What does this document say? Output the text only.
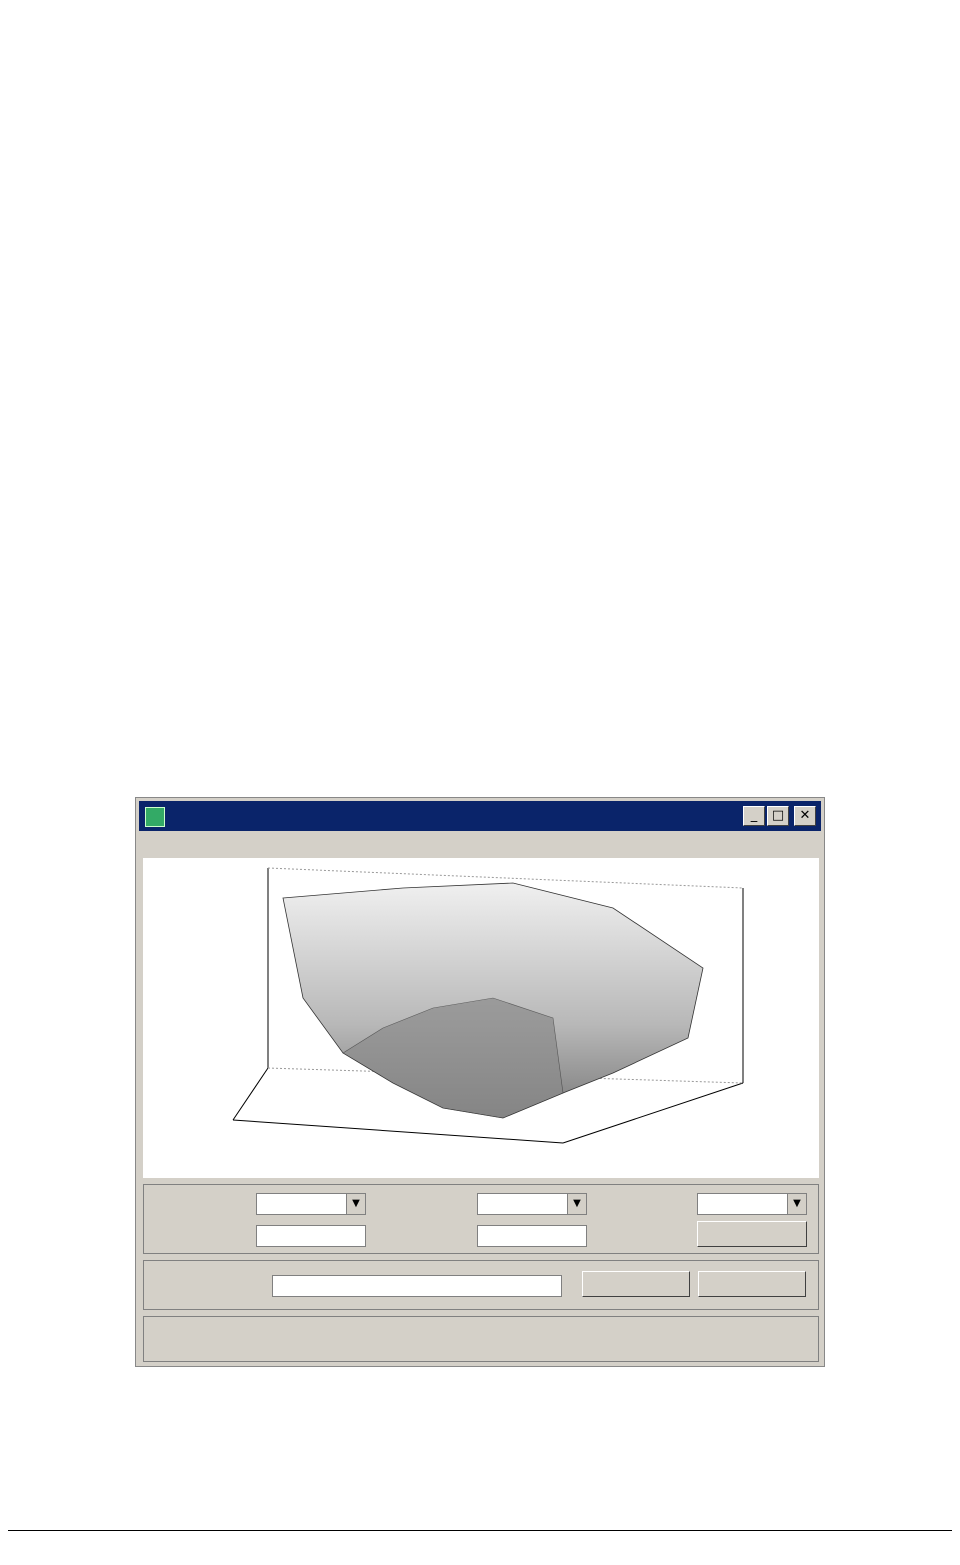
_	□	✕
▼	▼	▼
